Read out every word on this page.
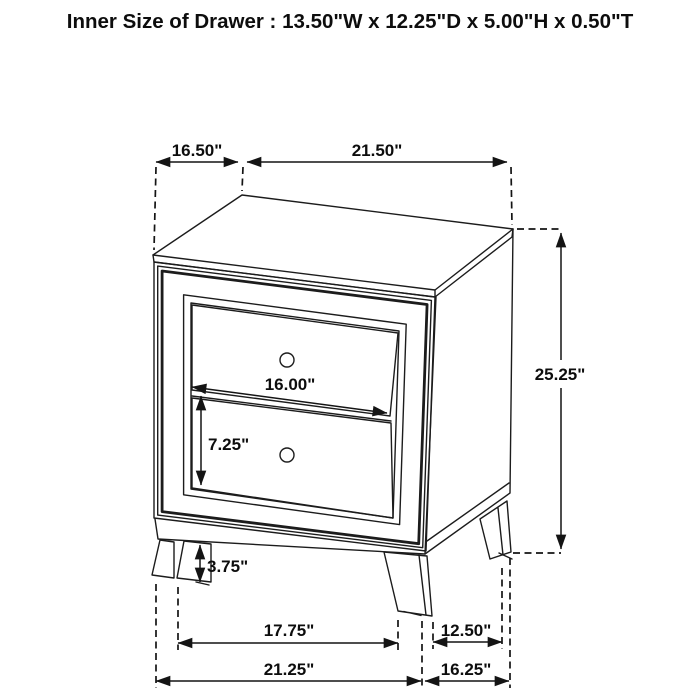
Inner Size of Drawer : 13.50"W x 12.25"D x 5.00"H x 0.50"T
16.50"	21.50"
25.25"
16.00"
7.25"
3.75"
17.75"
21.25"
12.50"
16.25"
